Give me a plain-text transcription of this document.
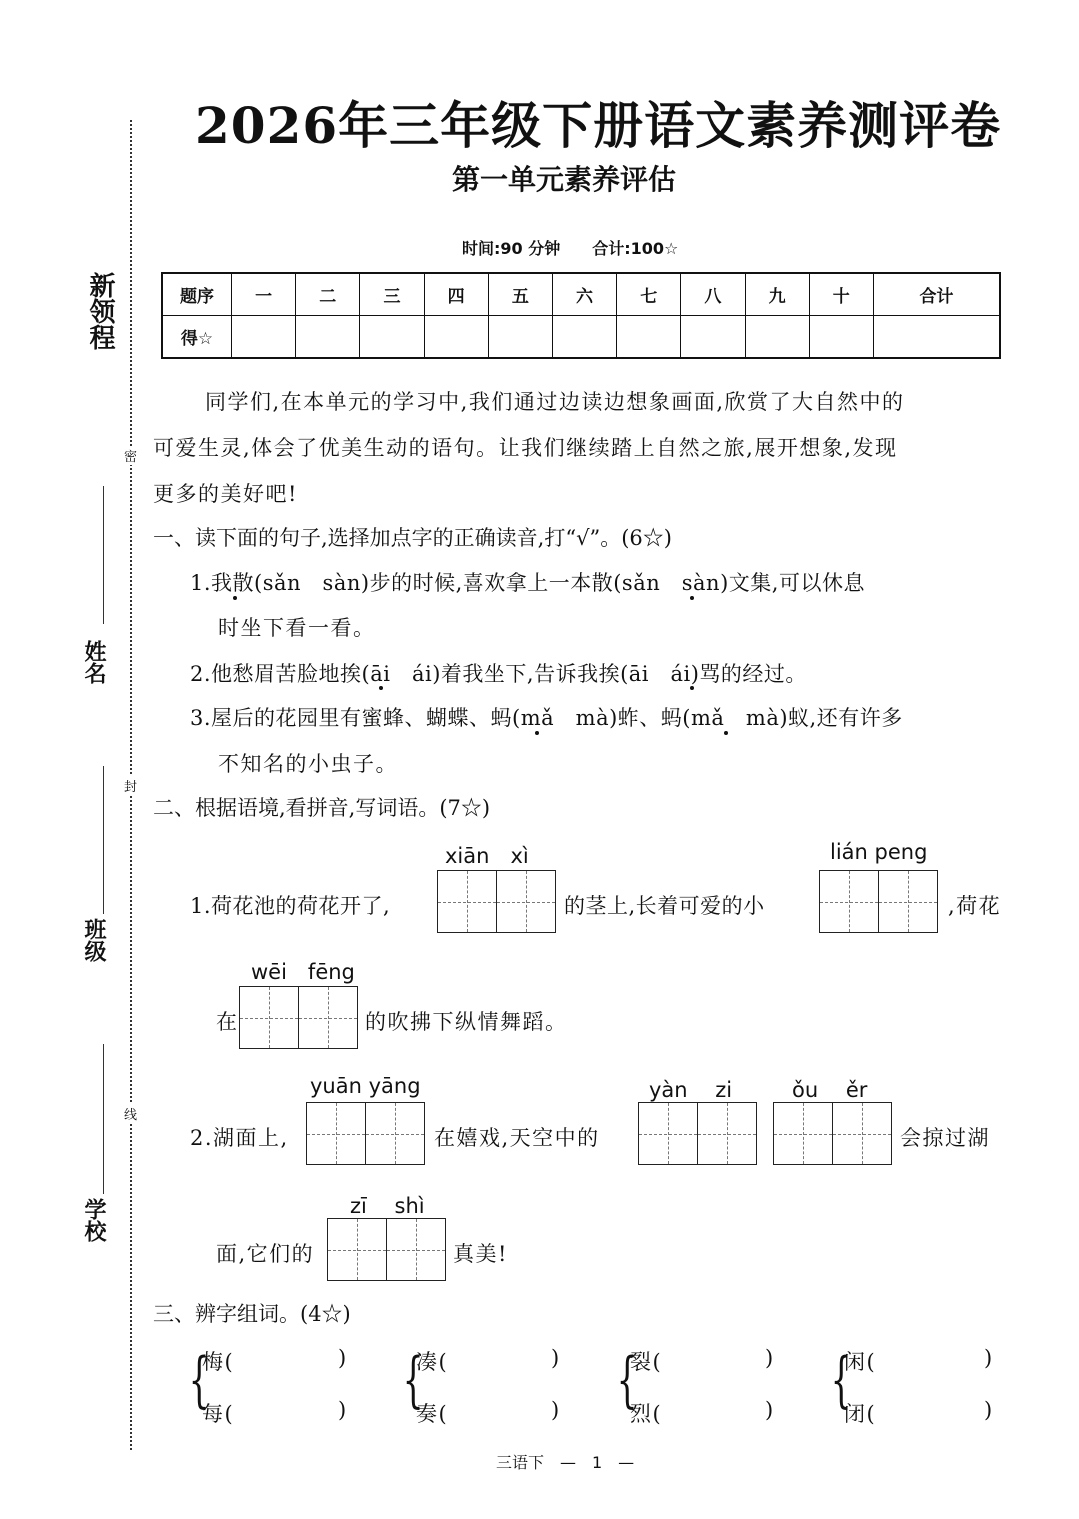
新领程
密
封
线
姓名
班级
学校
2026年三年级下册语文素养测评卷
第一单元素养评估
时间:90 分钟　　合计:100☆
题序	一	二	三	四	五	六	七	八	九	十	合计
得☆											
同学们,在本单元的学习中,我们通过边读边想象画面,欣赏了大自然中的
可爱生灵,体会了优美生动的语句。让我们继续踏上自然之旅,展开想象,发现
更多的美好吧!
一、读下面的句子,选择加点字的正确读音,打“√”。(6☆)
1.我散(sǎn　sàn)步的时候,喜欢拿上一本散(sǎn　sàn)文集,可以休息
时坐下看一看。
2.他愁眉苦脸地挨(āi　ái)着我坐下,告诉我挨(āi　ái)骂的经过。
3.屋后的花园里有蜜蜂、蝴蝶、蚂(mǎ　mà)蚱、蚂(mǎ　mà)蚁,还有许多
不知名的小虫子。
二、根据语境,看拼音,写词语。(7☆)
xiān　xì	lián peng
1.荷花池的荷花开了,	的茎上,长着可爱的小	,荷花
wēi　fēng
在	的吹拂下纵情舞蹈。
yuān yāng	yàn　 zi	ǒu　 ěr
2.湖面上,	在嬉戏,天空中的	会掠过湖
zī　 shì
面,它们的	真美!
三、辨字组词。(4☆)
{
梅(	)
每(	) {
凑(	)
奏(	) {
裂(	)
烈(	) {
闲(	)
闭(	)
三语下　—　1　—
